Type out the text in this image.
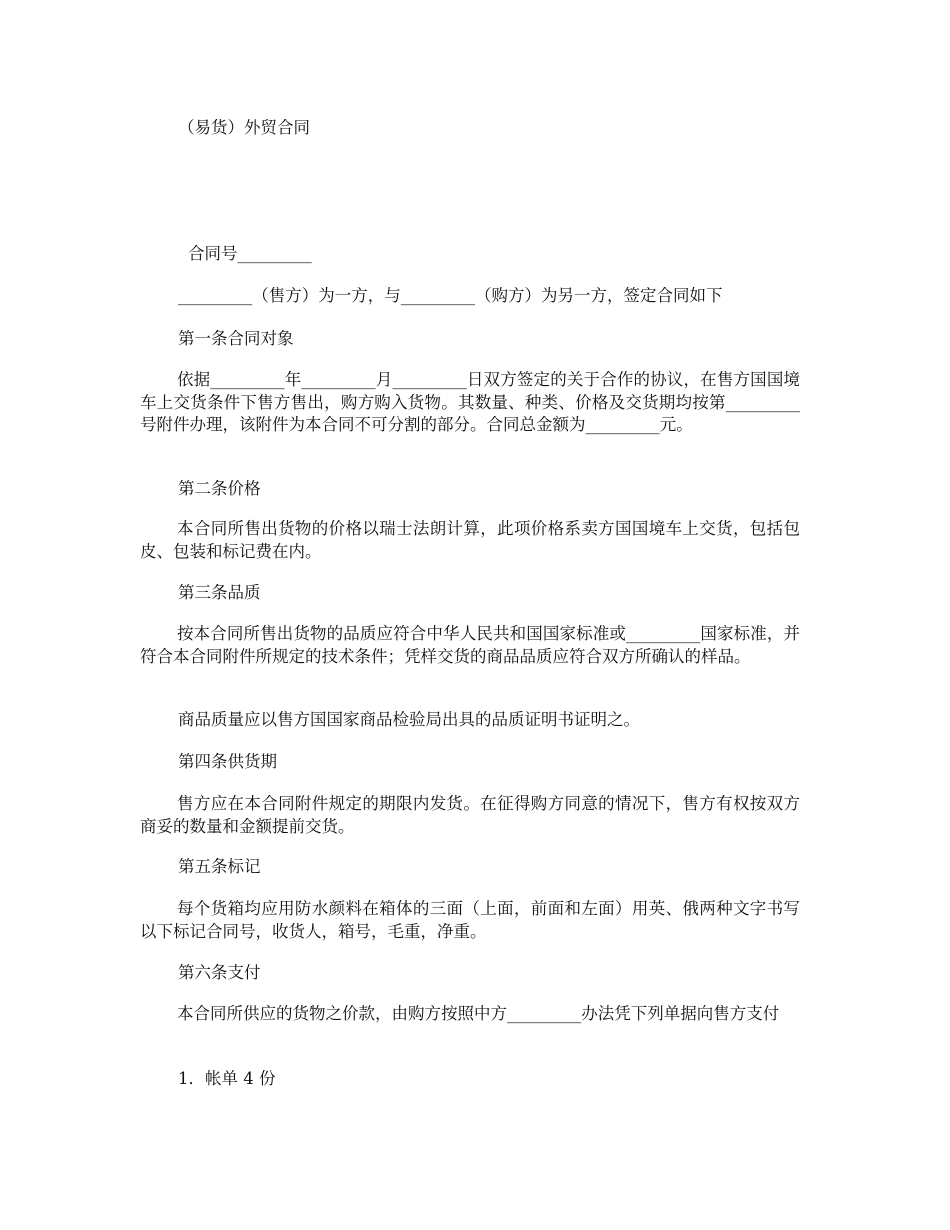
（易货）外贸合同
合同号_________
_________（售方）为一方，与_________（购方）为另一方，签定合同如下
第一条合同对象
依据_________年_________月_________日双方签定的关于合作的协议，在售方国国境车上交货条件下售方售出，购方购入货物。其数量、种类、价格及交货期均按第_________号附件办理，该附件为本合同不可分割的部分。合同总金额为_________元。
第二条价格
本合同所售出货物的价格以瑞士法朗计算，此项价格系卖方国国境车上交货，包括包皮、包装和标记费在内。
第三条品质
按本合同所售出货物的品质应符合中华人民共和国国家标准或_________国家标准，并符合本合同附件所规定的技术条件；凭样交货的商品品质应符合双方所确认的样品。
商品质量应以售方国国家商品检验局出具的品质证明书证明之。
第四条供货期
售方应在本合同附件规定的期限内发货。在征得购方同意的情况下，售方有权按双方商妥的数量和金额提前交货。
第五条标记
每个货箱均应用防水颜料在箱体的三面（上面，前面和左面）用英、俄两种文字书写以下标记合同号，收货人，箱号，毛重，净重。
第六条支付
本合同所供应的货物之价款，由购方按照中方_________办法凭下列单据向售方支付
1．帐单 4 份
